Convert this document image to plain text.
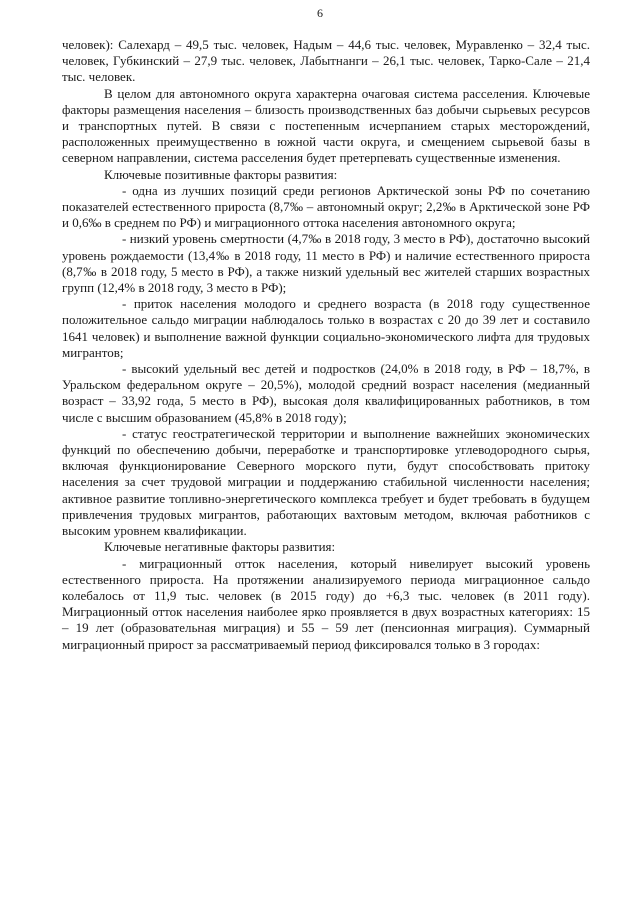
6

человек): Салехард – 49,5 тыс. человек, Надым – 44,6 тыс. человек, Муравленко – 32,4 тыс. человек, Губкинский – 27,9 тыс. человек, Лабытнанги – 26,1 тыс. человек, Тарко-Сале – 21,4 тыс. человек.

В целом для автономного округа характерна очаговая система расселения. Ключевые факторы размещения населения – близость производственных баз добычи сырьевых ресурсов и транспортных путей. В связи с постепенным исчерпанием старых месторождений, расположенных преимущественно в южной части округа, и смещением сырьевой базы в северном направлении, система расселения будет претерпевать существенные изменения.

Ключевые позитивные факторы развития:

- одна из лучших позиций среди регионов Арктической зоны РФ по сочетанию показателей естественного прироста (8,7‰ – автономный округ; 2,2‰ в Арктической зоне РФ и 0,6‰ в среднем по РФ) и миграционного оттока населения автономного округа;

- низкий уровень смертности (4,7‰ в 2018 году, 3 место в РФ), достаточно высокий уровень рождаемости (13,4‰ в 2018 году, 11 место в РФ) и наличие естественного прироста (8,7‰ в 2018 году, 5 место в РФ), а также низкий удельный вес жителей старших возрастных групп (12,4% в 2018 году, 3 место в РФ);

- приток населения молодого и среднего возраста (в 2018 году существенное положительное сальдо миграции наблюдалось только в возрастах с 20 до 39 лет и составило 1641 человек) и выполнение важной функции социально-экономического лифта для трудовых мигрантов;

- высокий удельный вес детей и подростков (24,0% в 2018 году, в РФ – 18,7%, в Уральском федеральном округе – 20,5%), молодой средний возраст населения (медианный возраст – 33,92 года, 5 место в РФ), высокая доля квалифицированных работников, в том числе с высшим образованием (45,8% в 2018 году);

- статус геостратегической территории и выполнение важнейших экономических функций по обеспечению добычи, переработке и транспортировке углеводородного сырья, включая функционирование Северного морского пути, будут способствовать притоку населения за счет трудовой миграции и поддержанию стабильной численности населения; активное развитие топливно-энергетического комплекса требует и будет требовать в будущем привлечения трудовых мигрантов, работающих вахтовым методом, включая работников с высоким уровнем квалификации.

Ключевые негативные факторы развития:

- миграционный отток населения, который нивелирует высокий уровень естественного прироста. На протяжении анализируемого периода миграционное сальдо колебалось от 11,9 тыс. человек (в 2015 году) до +6,3 тыс. человек (в 2011 году). Миграционный отток населения наиболее ярко проявляется в двух возрастных категориях: 15 – 19 лет (образовательная миграция) и 55 – 59 лет (пенсионная миграция). Суммарный миграционный прирост за рассматриваемый период фиксировался только в 3 городах:
